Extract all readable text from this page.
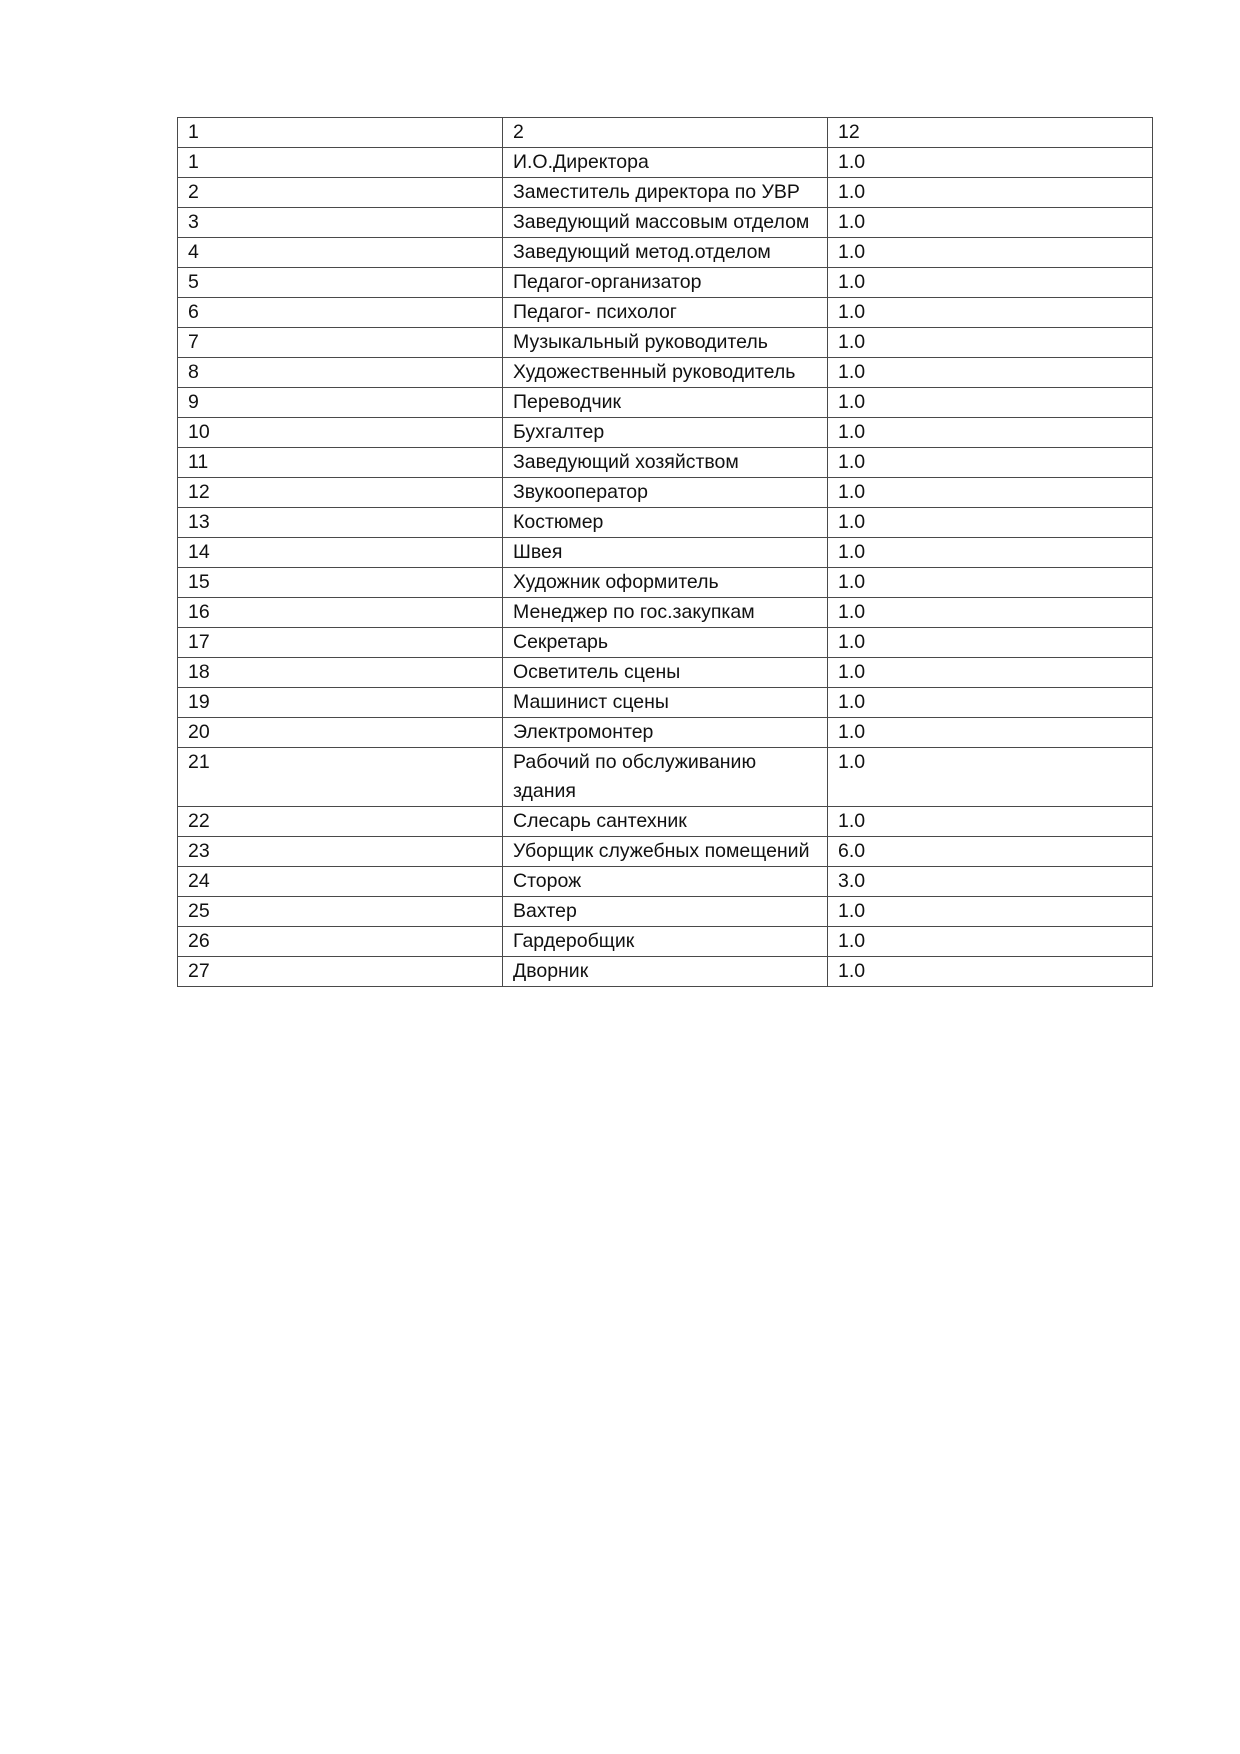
1	2	12
1	И.О.Директора	1.0
2	Заместитель директора по УВР	1.0
3	Заведующий массовым отделом	1.0
4	Заведующий метод.отделом	1.0
5	Педагог-организатор	1.0
6	Педагог- психолог	1.0
7	Музыкальный руководитель	1.0
8	Художественный руководитель	1.0
9	Переводчик	1.0
10	Бухгалтер	1.0
11	Заведующий хозяйством	1.0
12	Звукооператор	1.0
13	Костюмер	1.0
14	Швея	1.0
15	Художник оформитель	1.0
16	Менеджер по гос.закупкам	1.0
17	Секретарь	1.0
18	Осветитель сцены	1.0
19	Машинист сцены	1.0
20	Электромонтер	1.0
21	Рабочий по обслуживанию здания	1.0
22	Слесарь сантехник	1.0
23	Уборщик служебных помещений	6.0
24	Сторож	3.0
25	Вахтер	1.0
26	Гардеробщик	1.0
27	Дворник	1.0
